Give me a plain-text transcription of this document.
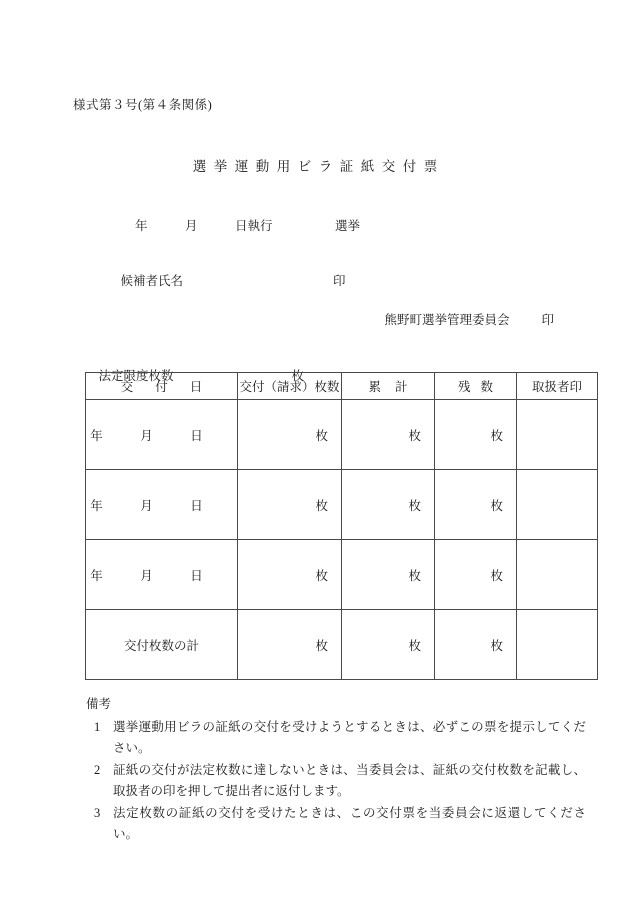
様式第３号(第４条関係)
選挙運動用ビラ証紙交付票
年　　　月　　　日執行　　　　　選挙

候補者氏名	印

熊野町選挙管理委員会	印

法定限度枚数	枚

交付日	交付（請求）枚数	累計	残数	取扱者印
年　　　月　　　日	枚	枚	枚	
年　　　月　　　日	枚	枚	枚	
年　　　月　　　日	枚	枚	枚	
交付枚数の計	枚	枚	枚	
備考
1	選挙運動用ビラの証紙の交付を受けようとするときは、必ずこの票を提示してください。
2	証紙の交付が法定枚数に達しないときは、当委員会は、証紙の交付枚数を記載し、取扱者の印を押して提出者に返付します。
3	法定枚数の証紙の交付を受けたときは、この交付票を当委員会に返還してください。
